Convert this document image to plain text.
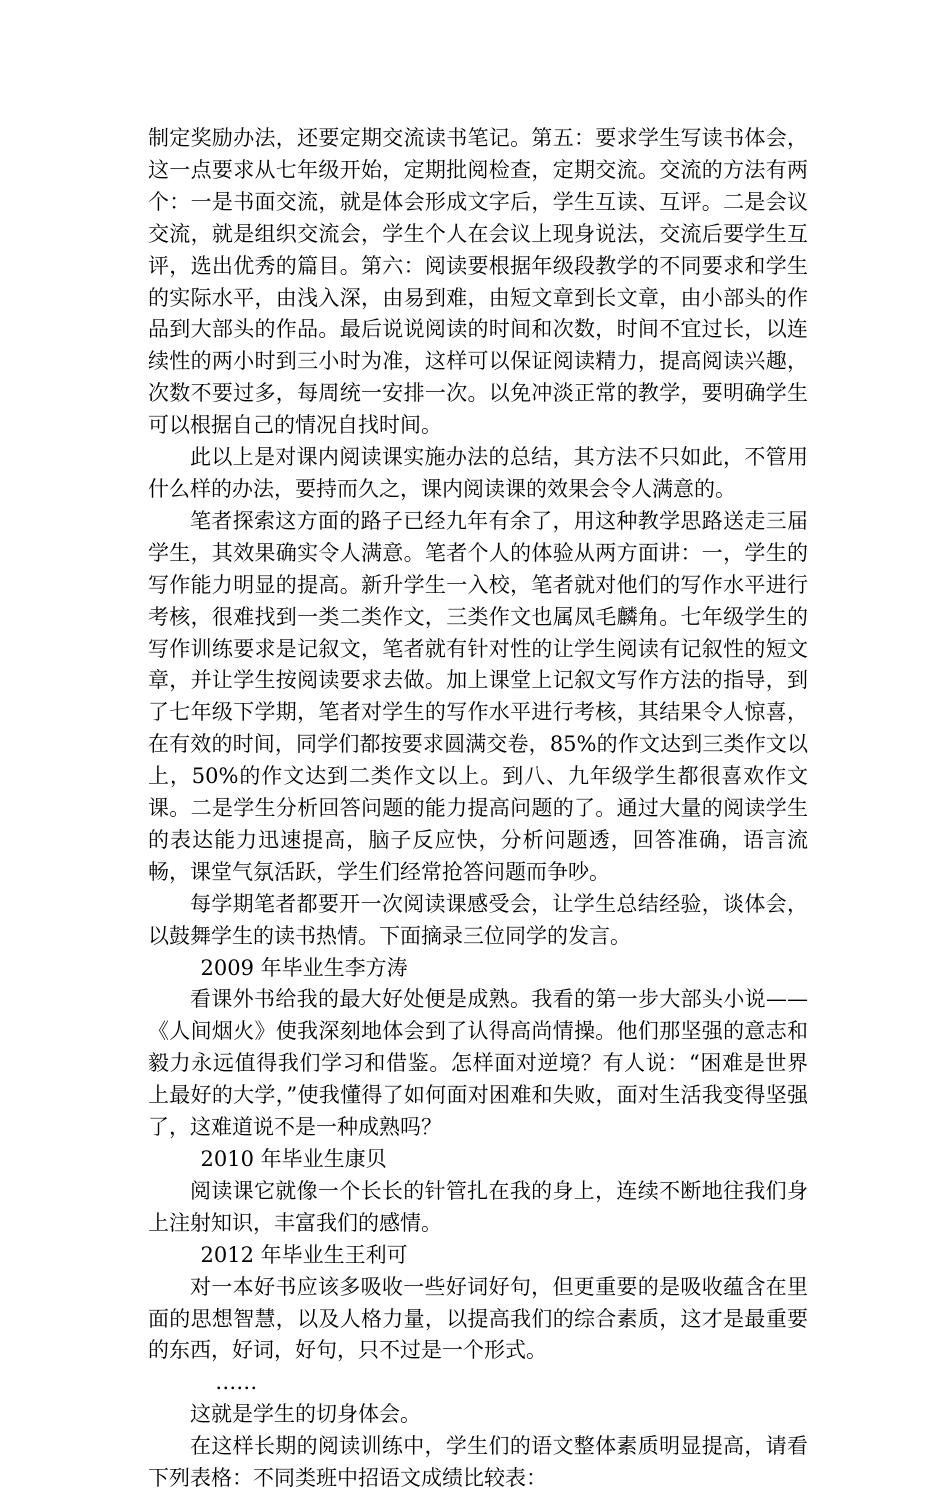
制定奖励办法，还要定期交流读书笔记。第五：要求学生写读书体会，这一点要求从七年级开始，定期批阅检查，定期交流。交流的方法有两个：一是书面交流，就是体会形成文字后，学生互读、互评。二是会议交流，就是组织交流会，学生个人在会议上现身说法，交流后要学生互评，选出优秀的篇目。第六：阅读要根据年级段教学的不同要求和学生的实际水平，由浅入深，由易到难，由短文章到长文章，由小部头的作品到大部头的作品。最后说说阅读的时间和次数，时间不宜过长，以连续性的两小时到三小时为准，这样可以保证阅读精力，提高阅读兴趣，次数不要过多，每周统一安排一次。以免冲淡正常的教学，要明确学生可以根据自己的情况自找时间。

此以上是对课内阅读课实施办法的总结，其方法不只如此，不管用什么样的办法，要持而久之，课内阅读课的效果会令人满意的。

笔者探索这方面的路子已经九年有余了，用这种教学思路送走三届学生，其效果确实令人满意。笔者个人的体验从两方面讲：一，学生的写作能力明显的提高。新升学生一入校，笔者就对他们的写作水平进行考核，很难找到一类二类作文，三类作文也属凤毛麟角。七年级学生的写作训练要求是记叙文，笔者就有针对性的让学生阅读有记叙性的短文章，并让学生按阅读要求去做。加上课堂上记叙文写作方法的指导，到了七年级下学期，笔者对学生的写作水平进行考核，其结果令人惊喜，在有效的时间，同学们都按要求圆满交卷，85%的作文达到三类作文以上，50%的作文达到二类作文以上。到八、九年级学生都很喜欢作文课。二是学生分析回答问题的能力提高问题的了。通过大量的阅读学生的表达能力迅速提高，脑子反应快，分析问题透，回答准确，语言流畅，课堂气氛活跃，学生们经常抢答问题而争吵。

每学期笔者都要开一次阅读课感受会，让学生总结经验，谈体会，以鼓舞学生的读书热情。下面摘录三位同学的发言。

2009 年毕业生李方涛

看课外书给我的最大好处便是成熟。我看的第一步大部头小说——《人间烟火》使我深刻地体会到了认得高尚情操。他们那坚强的意志和毅力永远值得我们学习和借鉴。怎样面对逆境？有人说：“困难是世界上最好的大学，”使我懂得了如何面对困难和失败，面对生活我变得坚强了，这难道说不是一种成熟吗？

2010 年毕业生康贝

阅读课它就像一个长长的针管扎在我的身上，连续不断地往我们身上注射知识，丰富我们的感情。

2012 年毕业生王利可

对一本好书应该多吸收一些好词好句，但更重要的是吸收蕴含在里面的思想智慧，以及人格力量，以提高我们的综合素质，这才是最重要的东西，好词，好句，只不过是一个形式。

……

这就是学生的切身体会。

在这样长期的阅读训练中，学生们的语文整体素质明显提高，请看下列表格：不同类班中招语文成绩比较表：
